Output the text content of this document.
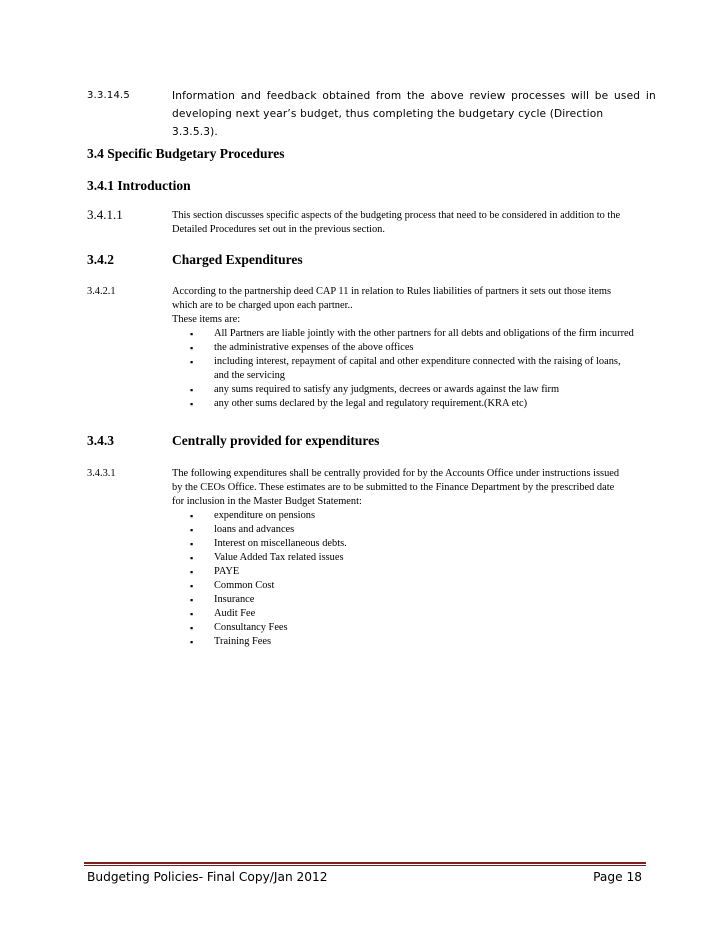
3.3.14.5	Information and feedback obtained from the above review processes will be used in
developing next year’s budget, thus completing the budgetary cycle (Direction 3.3.5.3).
3.4 Specific Budgetary Procedures
3.4.1 Introduction
3.4.1.1	This section discusses specific aspects of the budgeting process that need to be considered in addition to the Detailed Procedures set out in the previous section.
3.4.2	Charged Expenditures
3.4.2.1	According to the partnership deed CAP 11 in relation to Rules liabilities of partners it sets out those items which are to be charged upon each partner..
These items are:
▪ All Partners are liable jointly with the other partners for all debts and obligations of the firm incurred
▪ the administrative expenses of the above offices
▪ including interest, repayment of capital and other expenditure connected with the raising of loans, and the servicing
▪ any sums required to satisfy any judgments, decrees or awards against the law firm
▪ any other sums declared by the legal and regulatory requirement.(KRA etc)
3.4.3	Centrally provided for expenditures
3.4.3.1	The following expenditures shall be centrally provided for by the Accounts Office under instructions issued by the CEOs Office. These estimates are to be submitted to the Finance Department by the prescribed date for inclusion in the Master Budget Statement:
▪ expenditure on pensions
▪ loans and advances
▪ Interest on miscellaneous debts.
▪ Value Added Tax related issues
▪ PAYE
▪ Common Cost
▪ Insurance
▪ Audit Fee
▪ Consultancy Fees
▪ Training Fees
Budgeting Policies- Final Copy/Jan 2012	Page 18
